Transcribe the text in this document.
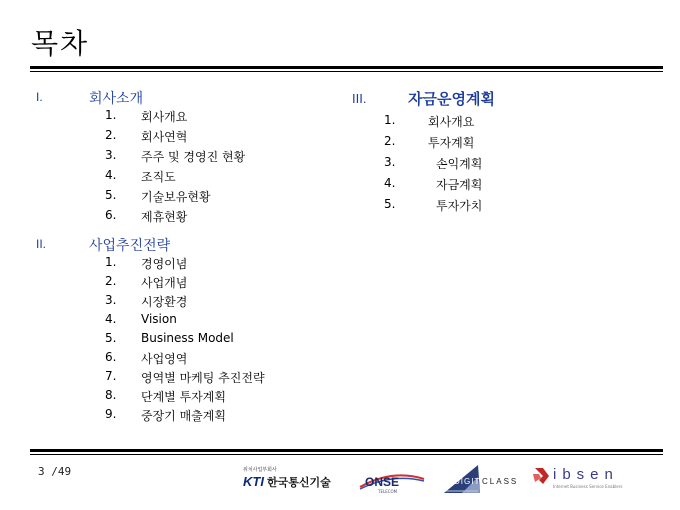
목차
I.	회사소개
1. 회사개요
2. 회사연혁
3. 주주 및 경영진 현황
4. 조직도
5. 기술보유현황
6. 제휴현황
II.	사업추진전략
1. 경영이념
2. 사업개념
3. 시장환경
4. Vision
5. Business Model
6. 사업영역
7. 영역별 마케팅 추진전략
8. 단계별 투자계획
9. 중장기 매출계획
III.	자금운영계획
1.	회사개요
2.	투자계획
3.	손익계획
4.	자금계획
5.	투자가치
3 /49	위치사업부회사
KTI 한국통신기술	ONSE
TELECOM
DIGITAL
CLASS ibsen
Internet Business Service Enablers
